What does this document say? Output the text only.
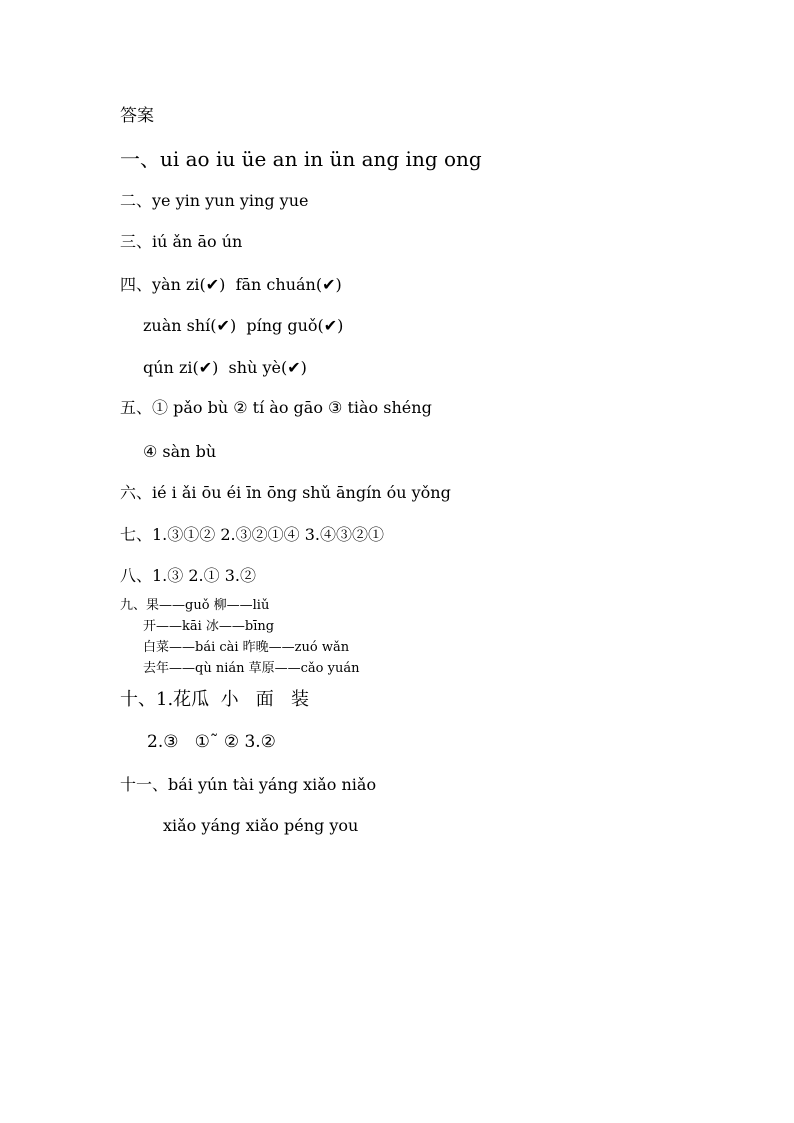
答案
一、ui ao iu üe an in ün ang ing ong
二、ye yin yun ying yue
三、iú ǎn āo ún
四、yàn zi(✔)  fān chuán(✔)
zuàn shí(✔)  píng guǒ(✔)
qún zi(✔)  shù yè(✔)
五、① pǎo bù ② tí ào gāo ③ tiào shéng
④ sàn bù
六、ié i ǎi ōu éi īn ōng shǔ āngín óu yǒng
七、1.③①② 2.③②①④ 3.④③②①
八、1.③ 2.① 3.②
九、果——guǒ 柳——liǔ
开——kāi 冰——bīng
白菜——bái cài 昨晚——zuó wǎn
去年——qù nián 草原——cǎo yuán
十、1.花瓜  小   面   装
2.③   ①˜ ② 3.②
十一、bái yún tài yáng xiǎo niǎo
xiǎo yáng xiǎo péng you
